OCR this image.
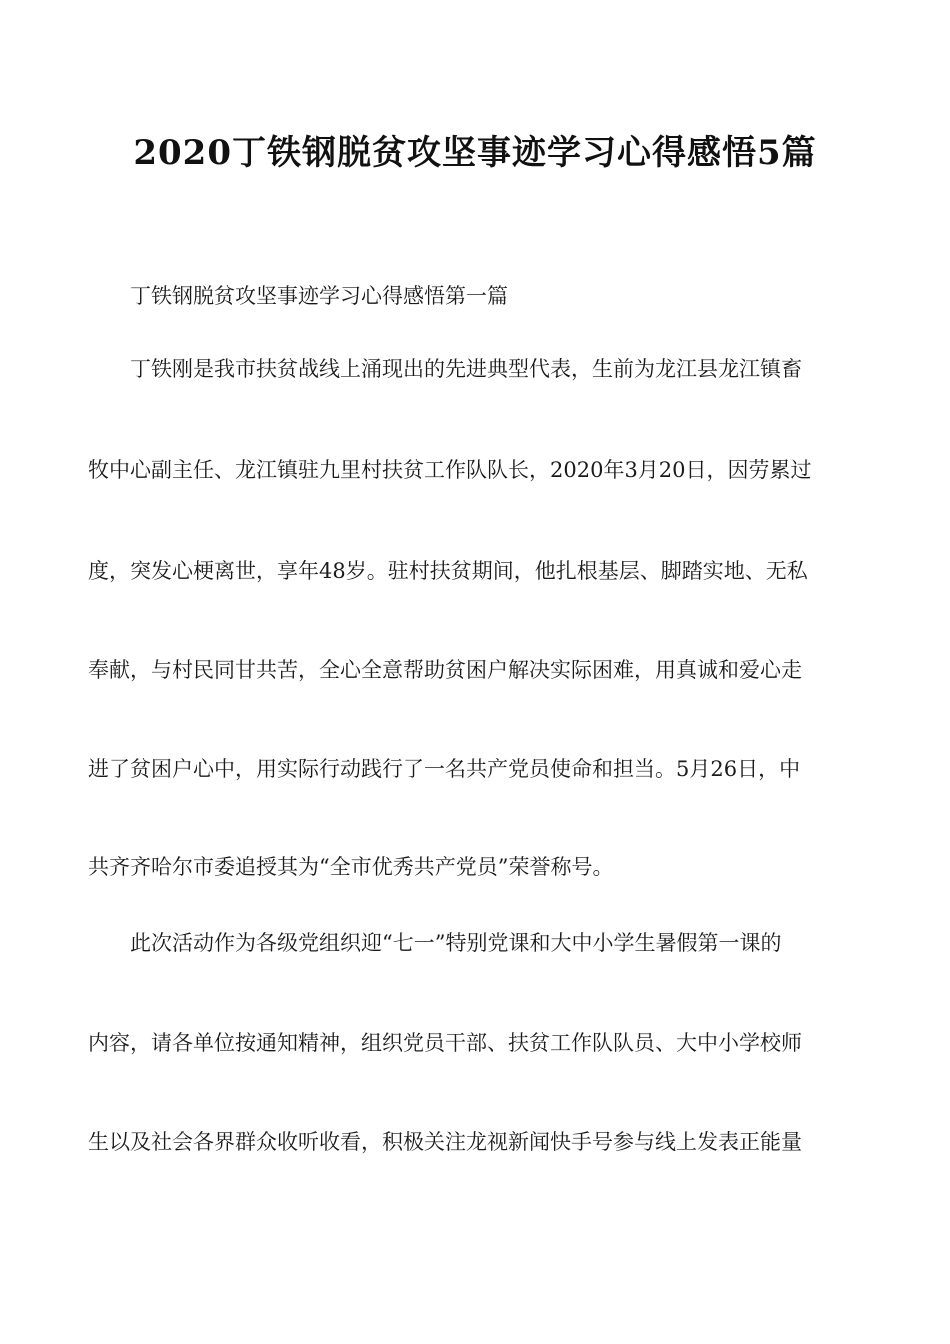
2020丁铁钢脱贫攻坚事迹学习心得感悟5篇

丁铁钢脱贫攻坚事迹学习心得感悟第一篇

丁铁刚是我市扶贫战线上涌现出的先进典型代表，生前为龙江县龙江镇畜

牧中心副主任、龙江镇驻九里村扶贫工作队队长，2020年3月20日，因劳累过

度，突发心梗离世，享年48岁。驻村扶贫期间，他扎根基层、脚踏实地、无私

奉献，与村民同甘共苦，全心全意帮助贫困户解决实际困难，用真诚和爱心走

进了贫困户心中，用实际行动践行了一名共产党员使命和担当。5月26日，中

共齐齐哈尔市委追授其为“全市优秀共产党员”荣誉称号。

此次活动作为各级党组织迎“七一”特别党课和大中小学生暑假第一课的

内容，请各单位按通知精神，组织党员干部、扶贫工作队队员、大中小学校师

生以及社会各界群众收听收看，积极关注龙视新闻快手号参与线上发表正能量
